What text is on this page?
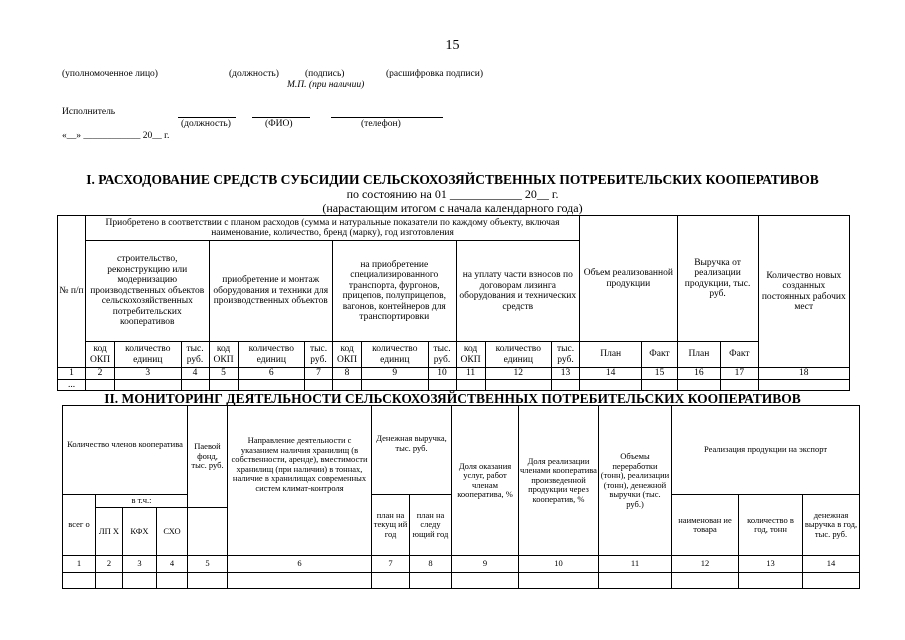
15
(уполномоченное лицо)	(должность)	(подпись)	(расшифровка подписи)
М.П. (при наличии)
Исполнитель
(должность)	(ФИО)	(телефон)
«__» ____________ 20__ г.
I. РАСХОДОВАНИЕ СРЕДСТВ СУБСИДИИ СЕЛЬСКОХОЗЯЙСТВЕННЫХ ПОТРЕБИТЕЛЬСКИХ КООПЕРАТИВОВ
по состоянию на 01 ____________ 20__ г.
(нарастающим итогом с начала календарного года)
№ п/п	Приобретено в соответствии с планом расходов (сумма и натуральные показатели по каждому объекту, включая наименование, количество, бренд (марку), год изготовления												Объем реализованной продукции		Выручка от реализации продукции, тыс. руб.		Количество новых созданных постоянных рабочих мест
	строительство, реконструкцию или модернизацию производственных объектов сельскохозяйственных потребительских кооперативов			приобретение и монтаж оборудования и техники для производственных объектов			на приобретение специализированного транспорта, фургонов, прицепов, полуприцепов, вагонов, контейнеров для транспортировки			на уплату части взносов по договорам лизинга оборудования и технических средств							
	код ОКП	количество единиц	тыс. руб.	код ОКП	количество единиц	тыс. руб.	код ОКП	количество единиц	тыс. руб.	код ОКП	количество единиц	тыс. руб.	План	Факт	План	Факт	
1	2	3	4	5	6	7	8	9	10	11	12	13	14	15	16	17	18
...																	
II. МОНИТОРИНГ ДЕЯТЕЛЬНОСТИ СЕЛЬСКОХОЗЯЙСТВЕННЫХ ПОТРЕБИТЕЛЬСКИХ КООПЕРАТИВОВ
Количество членов кооператива				Паевой фонд, тыс. руб.	Направление деятельности с указанием наличия хранилищ (в собственности, аренде), вместимости хранилищ (при наличии) в тоннах, наличие в хранилищах современных систем климат-контроля	Денежная выручка, тыс. руб.		Доля оказания услуг, работ членам кооператива, %	Доля реализации членами кооператива произведенной продукции через кооператив, %	Объемы переработки (тонн), реализации (тонн), денежной выручки (тыс. руб.)	Реализация продукции на экспорт		
всег о	в т.ч.:					план на текущ ий год	план на следу ющий год				наименован ие товара	количество в год, тонн	денежная выручка в год, тыс. руб.
	ЛП Х	КФХ	СХО										
1	2	3	4	5	6	7	8	9	10	11	12	13	14
